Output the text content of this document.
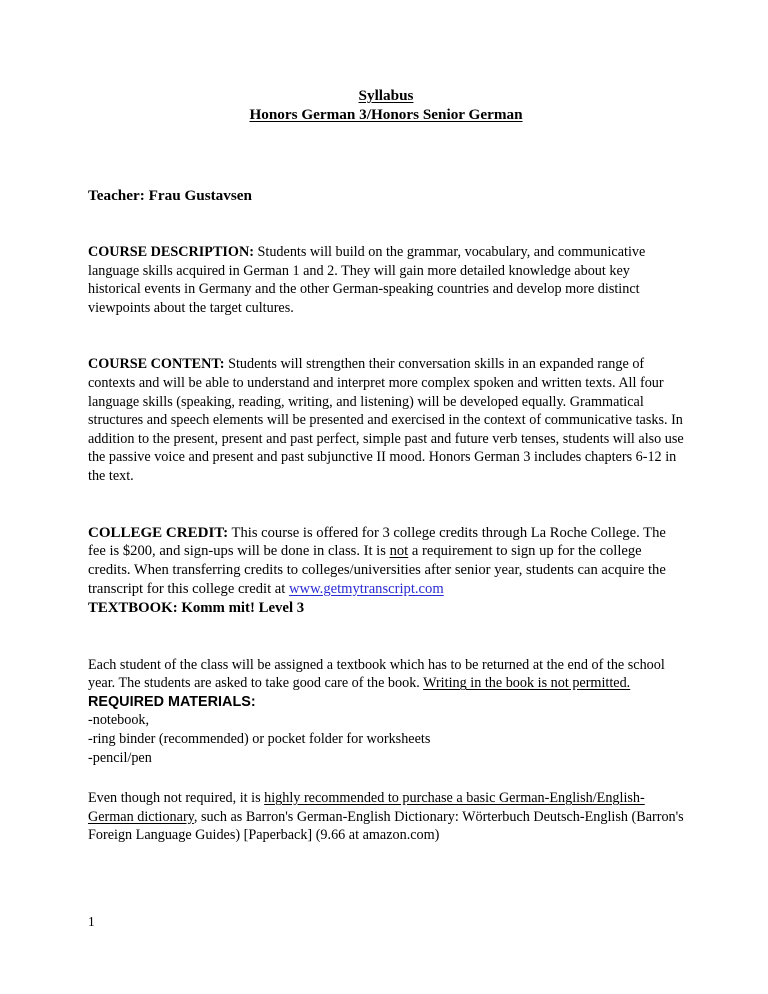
Syllabus
Honors German 3/Honors Senior German

Teacher: Frau Gustavsen

COURSE DESCRIPTION: Students will build on the grammar, vocabulary, and communicative language skills acquired in German 1 and 2. They will gain more detailed knowledge about key historical events in Germany and the other German-speaking countries and develop more distinct viewpoints about the target cultures.

COURSE CONTENT: Students will strengthen their conversation skills in an expanded range of contexts and will be able to understand and interpret more complex spoken and written texts. All four language skills (speaking, reading, writing, and listening) will be developed equally. Grammatical structures and speech elements will be presented and exercised in the context of communicative tasks. In addition to the present, present and past perfect, simple past and future verb tenses, students will also use the passive voice and present and past subjunctive II mood. Honors German 3 includes chapters 6-12 in the text.

COLLEGE CREDIT: This course is offered for 3 college credits through La Roche College. The fee is $200, and sign-ups will be done in class. It is not a requirement to sign up for the college credits. When transferring credits to colleges/universities after senior year, students can acquire the transcript for this college credit at www.getmytranscript.com

TEXTBOOK: Komm mit! Level 3

Each student of the class will be assigned a textbook which has to be returned at the end of the school year. The students are asked to take good care of the book. Writing in the book is not permitted.

REQUIRED MATERIALS:

-notebook,

-ring binder (recommended) or pocket folder for worksheets

-pencil/pen

Even though not required, it is highly recommended to purchase a basic German-English/English-German dictionary, such as Barron's German-English Dictionary: Wörterbuch Deutsch-English (Barron's Foreign Language Guides) [Paperback] (9.66 at amazon.com)

1
